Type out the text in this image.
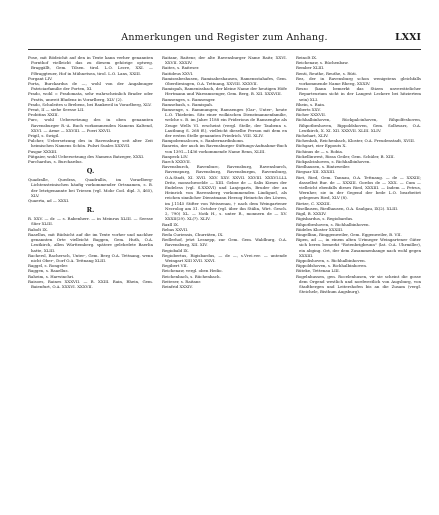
Anmerkungen und Register zum Anhang.	LXXI

Pose, mit Bödeichit auf den in Texte kann verher genannten Fornthof vielleicht das zu diesem gehörige optweg. Braggällt, Gem. Tilsen. tirol. L.O. Lecre, XXI. — P.Braggteuer, Hof in Mühnetsea, tirol. L.O. Lans, XXIII.

Porgant LIV.

Porta, Burckardus de —, wohl von der Angabnuger Patriciarfamilie der Porten, XI.

Prado, wohl = Pradomata, sehr wahrscheinlich Brader oder Pratts, unweit Bludenz in Vorarlberg, XLV (2).

Prado, Schuleites u Brebens, bei Rankweil in Vorarlberg, XLV.

Preat, II — siehe Seesse LII.

Probitins XXIII.

Purc, wohl Uebersetzung des in oben genannten Ravensburger R.-A. Buch vorkommenden Namens Kaltend, XXVI. — Arme — XXVIII. — Poeri XXVII.

Prigil, s. Swigil.

Pulcher, Uebersetzung des in Ravensburg seit alter Zeit heimischen Namens Schön. Pulsri Suales XXXVII.

Pusgar XXXIII.

Pütgaier, wohl Uebersetzung des Namens Batzeger, XXXI.

Purchardus, s. Burchardus.

Q.

Quadralle, Quedras, Quadrallis, im Vorarlberg-Lichtensteinischen häufig vorkommender Ortsnamen, s. B. der letztgenannte bei Triesen (vgl. Mohr Cod. dipl. 3, 465), XLV.

Quaerta, ad — XXXI.

R.

R. XXV. — dr. — s. Rabenherr. — in Meinrus XLIII. — Seesse Sûer XLIII.

Rabolt IX.

Raaellus, mit Büdsicht auf die im Texte vorher und nachher genannten Orte vielleicht Baggen, Gem. Huth, O.A. Leutkirch, allen Württemberg. spätere gelehrdete Baerlin hatte, XLIII.

Rachersl, Rachersch, Unter-, Gem. Berg O.A. Tettnang, wenn nicht Ober-, Dorf O.A. Tettnang XLIII.

Raggel, s. Rongeler.

Raggen, s. Raaellus.

Raheim, s. Harwinchri.

Raisoes, Raines XXXVII. — R. XXIII. Rain, Rhein, Gem. Baienfurt, O.A. XXXVI. XXXVII.

Raitanr, Raitenr, der alte Ravensburger Name Raitr, XXVI. XXVII. XXXIV.

Raites, s. Raiteser.

Raitideus XXVI.

Ramisrabeshusen, Ramisabeshausen, Ramensstahafes, Gem. Oberdiesingen, O.A. Tettnang, XXVIII. XXXVII.

Ramispah, Ramenissbach, der kleine Name der heutigen Höfe Hertmann und Warramsenger, Gem. Berg, B. XII. XXXVIII.

Ramsenges, s. Ramsenger.

Ramsebash, s. Ramispah.

Ramsenge, s. Rammungen; Ramsenges (Gar-, Unter-, heute L.O. Thiebeim. Sitz einer wolkischen Dienstmannenfamilie, welche s. B. im Jahre 1188 ein Friderious de Ramsenghe als Zeuge Wells VI. erscheint (vergl. Stelle, der Taubenn s. Lautbung S. 268 ff.), vielleicht dieselbe Person mit dem en der ersten Stelle genannten Friedrich. VIII. XLIV.

Rampobensalcorn, s. Ranbernardinhonn.

Ranrein, der auch im Ravensburger Stiftungs-Aufnahme-Buch von 1391—1436 vorkommende Name Renn, XLIII.

Ranpeck LIV.

Rarch XXXVII.

Ravensburch, Ravenburc, Ravensburg, Ravensburch, Ravenspurg, Ravensburg, Ravensburgm, Ravensburg, O.A.Stadt, XI. XVII. XXV. XXV. XXVII. XXVIII. XXXVI.LLL Dritz, monschwoelde — XIII. Gebse de — Salis Kirnes der Endeless (vgl. S.XXXVI) und Lanjegarts, Bruder der an Heinrich von Ravensberg vorkommenden Lindiguel, als reichen sinnlicher Dienstmann Herzog Heinrichs des Löwen, im J.1145 Stifter von Weissenau, † nach dem Weingartener Necrolog am 31. October (vgl. über ihn Stälin, Wirt. Gesch. 2, 790) XL. — Notk H., s. unter R., monnern de — XV. XXXII(29). XL(?). XLIV.

Raxll IX.

Rebas XXVII.

Reda Curiensis, Churräten, IX.

Redlerhof, jetzt Lesnepp, zur Gem. Gem. Waldburg, O.A. Ravensburg, XII. XIV.

Regiobald IX.

Regiobertus, Rigisbardus, — de —, s.Vrei.ver. — untende Weingart XIII XVII. XXVI.

Regibert VII.

Reichenaw, vergl. oben Hedio.

Reichenbach, s. Rüchenbach.

Reiteser, s. Raitanr.

Reinfrid XXXIV.

Reinolt IX.

Reichenaw, s. Rüchenbaw.

Rember XLIII.

Renti, Reuthe, Reuthe, s. Rüti.

Rez, der in Ravensburg schon wenigstens gleichfalls vorkommende Name Rheeg, XXXIV.

Reszo (kann bemerkt das Stizen unverrätelicher Reparteurium sicht in der Langest Leckere bei hitziertem sein) XLI.

Rhein, s. Rain.

Riberts XXV.

Richer XXXVII.

Richhalbinhoven, Rückpalcinhoven, Rihpolfeshoven, Rihpotbeshoven, Rippoldshoven, Gem. Solhwarz, O.A. Leutkirch, X. XI. XII. XXXVII. XLIII. XLIV.

Richehart, XLIV.

Richenbah, Reichenbach, Kloster, O.A. Freudenstadt, XVIII.

Richgart, eier Eppouts X.

Richinus de — s. Robia.

Rickellinwest, Rissa Geiler, Gem. Schüler, B. XIII.

Rickpalcinhoven, s. Richhalbinhoven.

Riedhausen, s. Rintzweiler.

Riegsar XII. XXXIII.

Riet, Ried, Gem. Tannau, O.A. Tettnang. — de — XXXIII; dasselbst Bur. de — XXXIII. Gordos de — XXX. — Cum — vielleicht ebenfalls dieses Ried, XXXIII. — Indem — Petrus, Wernher, sie in der Gegend der bede L.O. bearbeitet gelegenes Ried, XLV (8).

Rietze, C. XXXIII.

Riselkusen, Riedhausen, O.A. Saulgau, IX(2). XLIII.

Rigil, B. XXXIV.

Rigisbardus, s. Regiobardus.

Rihpotbeshoven, s. Richhalbinhoven.

Riideles Kloster XXXIII.

Ringellinn, Ringgenweiler, Gem. Eggenweiler, B. VII.

Ripen, ad —, in einem alten Urtmeger Weingartener Güter sich bereu bemerkt "Rotenbrigbrunn" (lat. O.A. Uhrmiller), ein abging. Ort, der dem Zusammenhange nach wohl gegen XXXIII.

Rippolishoven, s. Richhalbinhoven.

Rippoldshoven, s. Richhalbinhoven.

Rüteke, Tettenau LIII.

Rogelnhussen, gen. Rocelenhusen, vir sie scheint die gosse dem Orgend westlich und nordwestlich von Augsburg, von Stadtbergen und Leitershofen bis an die Zusam (vergl. Steichele, Bisthum Augsburg).
